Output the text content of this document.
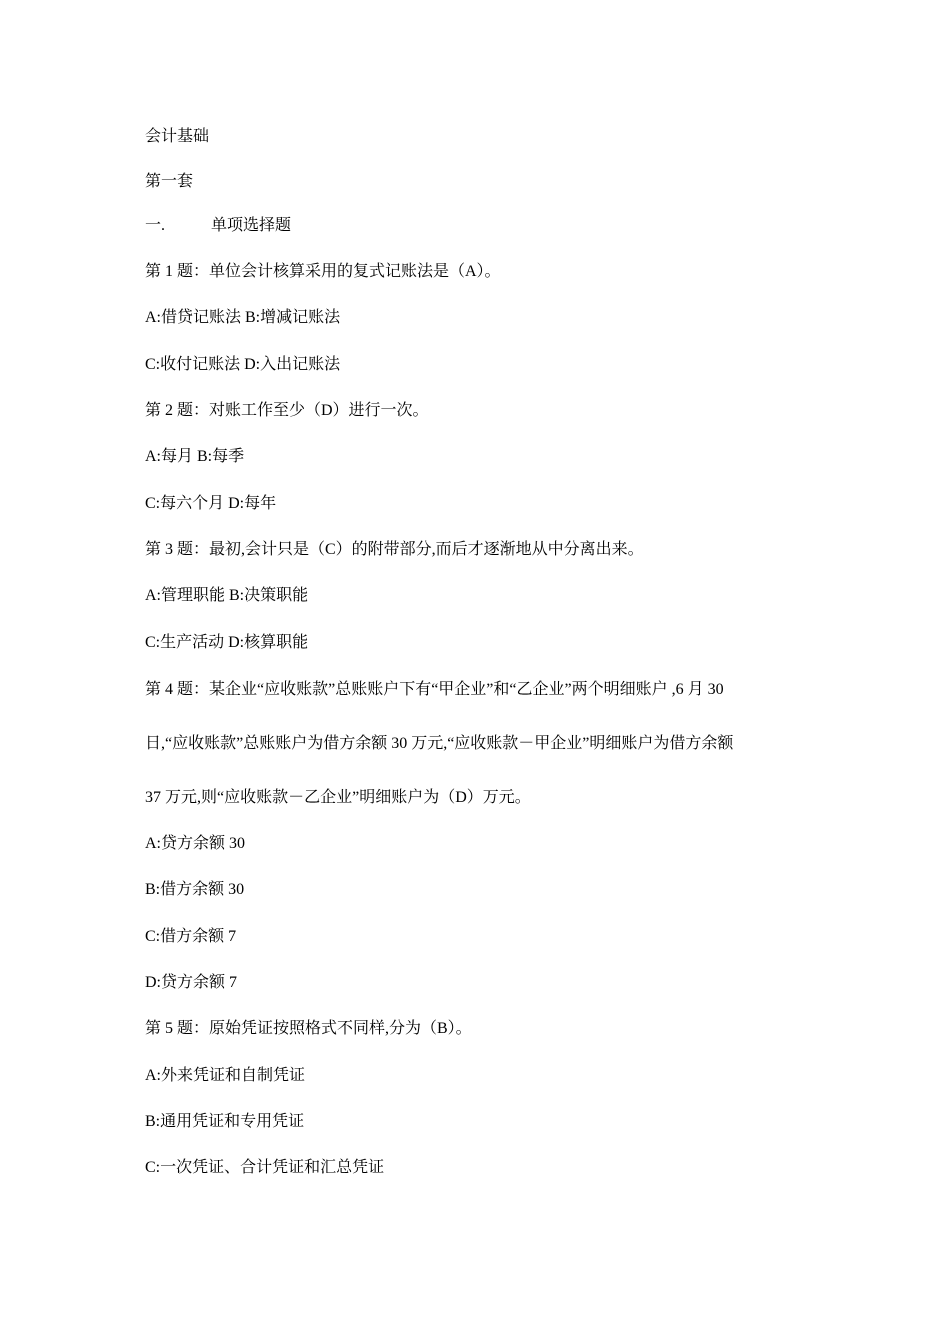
会计基础
第一套
一.	单项选择题
第 1 题：单位会计核算采用的复式记账法是（A）。
A:借贷记账法 B:增减记账法
C:收付记账法 D:入出记账法
第 2 题：对账工作至少（D）进行一次。
A:每月 B:每季
C:每六个月 D:每年
第 3 题：最初,会计只是（C）的附带部分,而后才逐渐地从中分离出来。
A:管理职能 B:决策职能
C:生产活动 D:核算职能
第 4 题：某企业“应收账款”总账账户下有“甲企业”和“乙企业”两个明细账户 ,6 月 30
日,“应收账款”总账账户为借方余额 30 万元,“应收账款－甲企业”明细账户为借方余额
37 万元,则“应收账款－乙企业”明细账户为（D）万元。
A:贷方余额 30
B:借方余额 30
C:借方余额 7
D:贷方余额 7
第 5 题：原始凭证按照格式不同样,分为（B）。
A:外来凭证和自制凭证
B:通用凭证和专用凭证
C:一次凭证、合计凭证和汇总凭证
